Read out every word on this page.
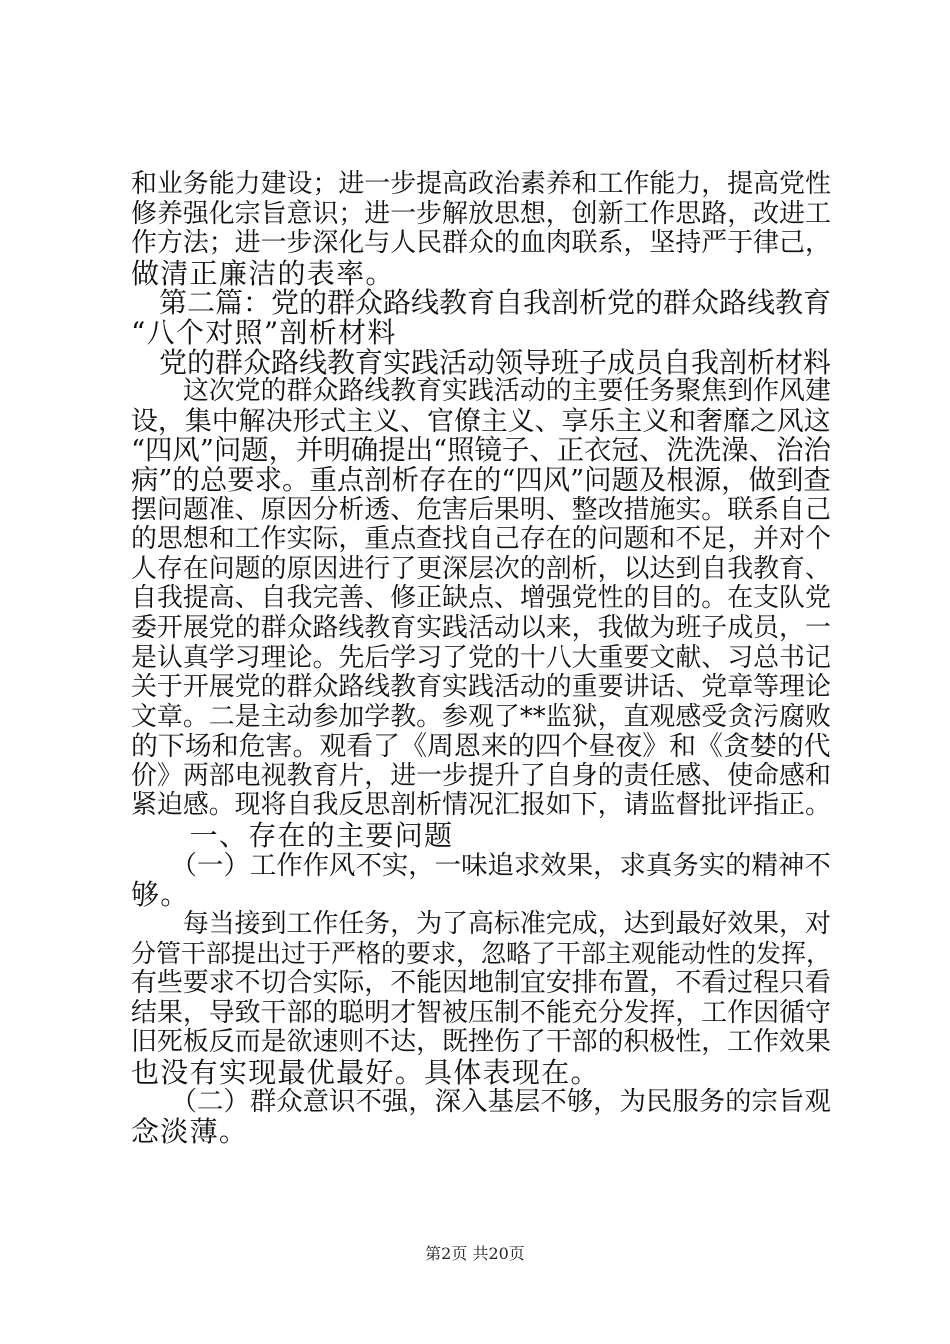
和业务能力建设；进一步提高政治素养和工作能力，提高党性
修养强化宗旨意识；进一步解放思想，创新工作思路，改进工
作方法；进一步深化与人民群众的血肉联系，坚持严于律己，
做清正廉洁的表率。
　第二篇：党的群众路线教育自我剖析党的群众路线教育
“八个对照”剖析材料
　党的群众路线教育实践活动领导班子成员自我剖析材料
　　这次党的群众路线教育实践活动的主要任务聚焦到作风建
设，集中解决形式主义、官僚主义、享乐主义和奢靡之风这
“四风”问题，并明确提出“照镜子、正衣冠、洗洗澡、治治
病”的总要求。重点剖析存在的“四风”问题及根源，做到查
摆问题准、原因分析透、危害后果明、整改措施实。联系自己
的思想和工作实际，重点查找自己存在的问题和不足，并对个
人存在问题的原因进行了更深层次的剖析，以达到自我教育、
自我提高、自我完善、修正缺点、增强党性的目的。在支队党
委开展党的群众路线教育实践活动以来，我做为班子成员，一
是认真学习理论。先后学习了党的十八大重要文献、习总书记
关于开展党的群众路线教育实践活动的重要讲话、党章等理论
文章。二是主动参加学教。参观了**监狱，直观感受贪污腐败
的下场和危害。观看了《周恩来的四个昼夜》和《贪婪的代
价》两部电视教育片，进一步提升了自身的责任感、使命感和
紧迫感。现将自我反思剖析情况汇报如下，请监督批评指正。
　　一、存在的主要问题
　　（一）工作作风不实，一味追求效果，求真务实的精神不
够。
　　每当接到工作任务，为了高标准完成，达到最好效果，对
分管干部提出过于严格的要求，忽略了干部主观能动性的发挥，
有些要求不切合实际，不能因地制宜安排布置，不看过程只看
结果，导致干部的聪明才智被压制不能充分发挥，工作因循守
旧死板反而是欲速则不达，既挫伤了干部的积极性，工作效果
也没有实现最优最好。具体表现在。
　　（二）群众意识不强，深入基层不够，为民服务的宗旨观
念淡薄。
第2页 共20页
